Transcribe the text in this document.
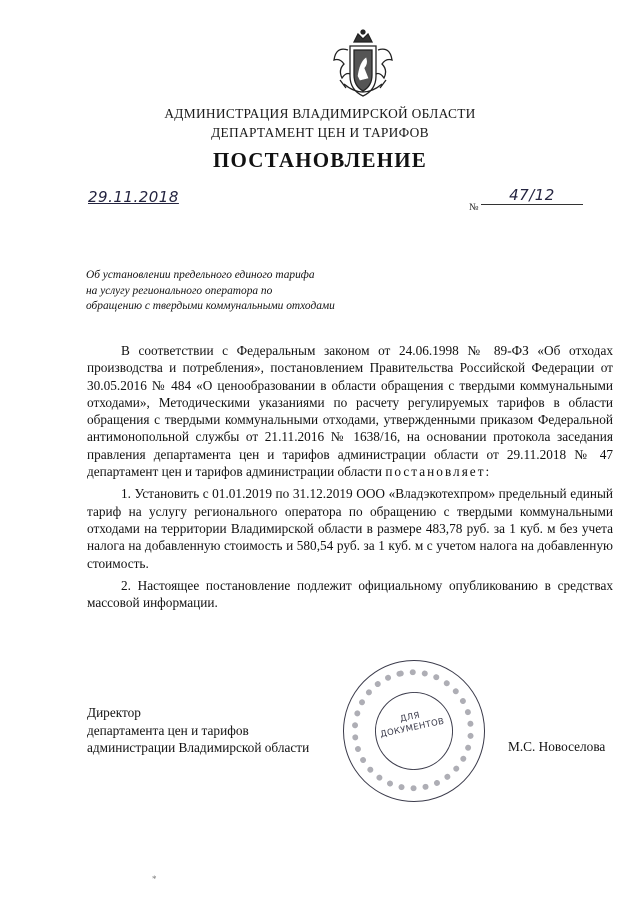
АДМИНИСТРАЦИЯ ВЛАДИМИРСКОЙ ОБЛАСТИ
ДЕПАРТАМЕНТ ЦЕН И ТАРИФОВ
ПОСТАНОВЛЕНИЕ
29.11.2018
№
47/12
Об установлении предельного единого тарифа
на услугу регионального оператора по
обращению с твердыми коммунальными отходами

В соответствии с Федеральным законом от 24.06.1998 № 89-ФЗ «Об отходах производства и потребления», постановлением Правительства Российской Федерации от 30.05.2016 № 484 «О ценообразовании в области обращения с твердыми коммунальными отходами», Методическими указаниями по расчету регулируемых тарифов в области обращения с твердыми коммунальными отходами, утвержденными приказом Федеральной антимонопольной службы от 21.11.2016 № 1638/16, на основании протокола заседания правления департамента цен и тарифов администрации области от 29.11.2018 № 47 департамент цен и тарифов администрации области постановляет:

1. Установить с 01.01.2019 по 31.12.2019 ООО «Владэкотехпром» предельный единый тариф на услугу регионального оператора по обращению с твердыми коммунальными отходами на территории Владимирской области в размере 483,78 руб. за 1 куб. м без учета налога на добавленную стоимость и 580,54 руб. за 1 куб. м с учетом налога на добавленную стоимость.

2. Настоящее постановление подлежит официальному опубликованию в средствах массовой информации.

Директор
департамента цен и тарифов
администрации Владимирской области
ДЛЯ ДОКУМЕНТОВ
М.С. Новоселова
*
